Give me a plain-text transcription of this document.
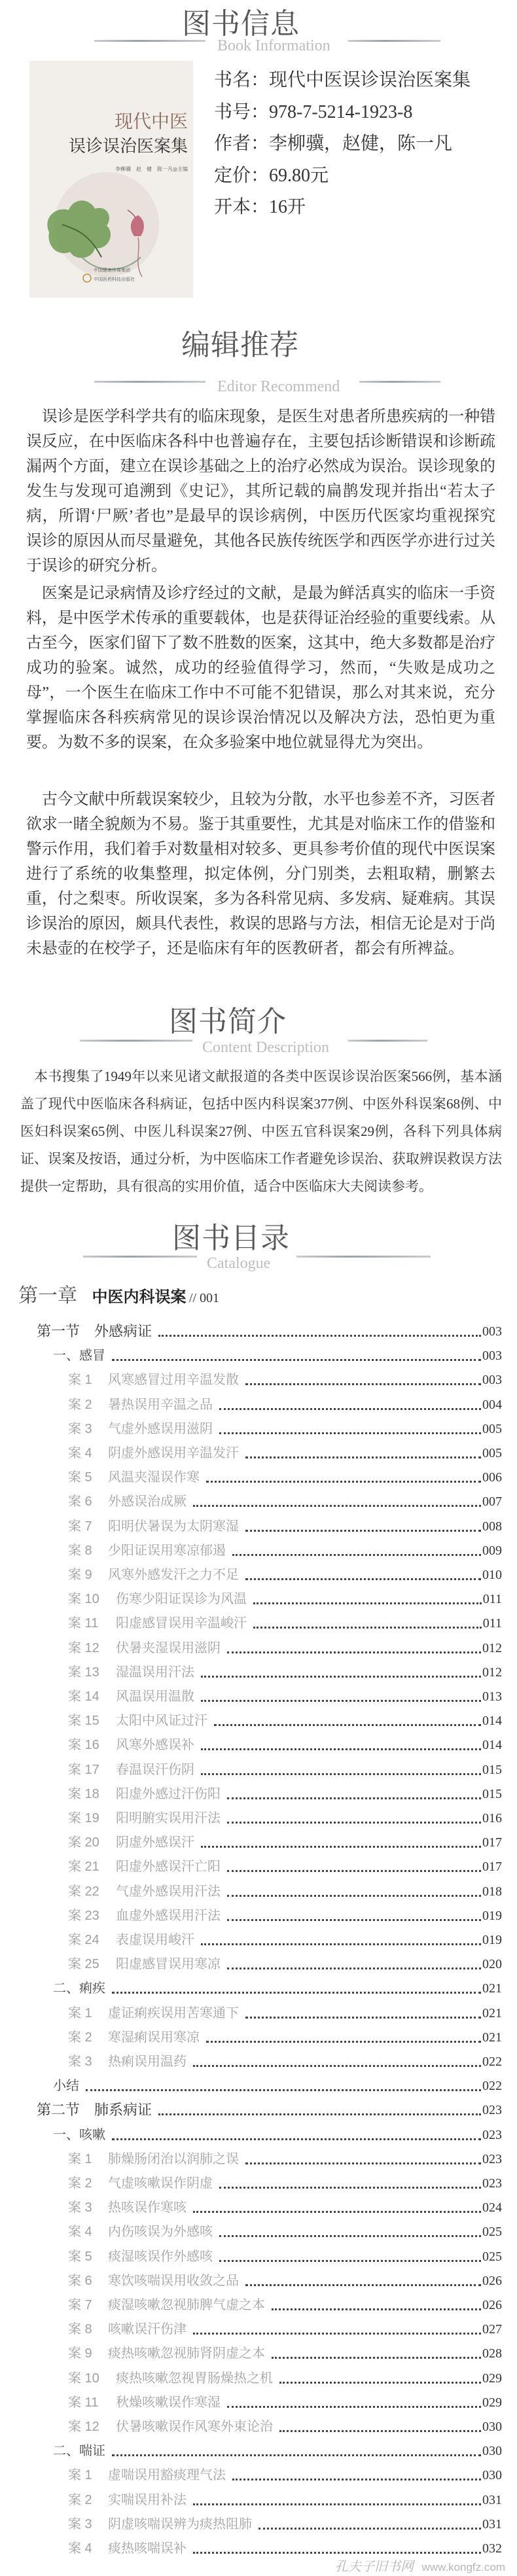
图书信息
Book Information
现代中医
误诊误治医案集
李柳骥　赵　健　陈一凡◎主编
中国健康传媒集团
中国医药科技出版社
书名：现代中医误诊误治医案集
书号：978-7-5214-1923-8
作者：李柳骥，赵健，陈一凡
定价：69.80元
开本：16开
编辑推荐
Editor Recommend

误诊是医学科学共有的临床现象，是医生对患者所患疾病的一种错误反应，在中医临床各科中也普遍存在，主要包括诊断错误和诊断疏漏两个方面，建立在误诊基础之上的治疗必然成为误治。误诊现象的发生与发现可追溯到《史记》，其所记载的扁鹊发现并指出“若太子病，所谓‘尸厥’者也”是最早的误诊病例，中医历代医家均重视探究误诊的原因从而尽量避免，其他各民族传统医学和西医学亦进行过关于误诊的研究分析。

医案是记录病情及诊疗经过的文献，是最为鲜活真实的临床一手资料，是中医学术传承的重要载体，也是获得证治经验的重要线索。从古至今，医家们留下了数不胜数的医案，这其中，绝大多数都是治疗成功的验案。诚然，成功的经验值得学习，然而，“失败是成功之母”，一个医生在临床工作中不可能不犯错误，那么对其来说，充分掌握临床各科疾病常见的误诊误治情况以及解决方法，恐怕更为重要。为数不多的误案，在众多验案中地位就显得尤为突出。

古今文献中所载误案较少，且较为分散，水平也参差不齐，习医者欲求一睹全貌颇为不易。鉴于其重要性，尤其是对临床工作的借鉴和警示作用，我们着手对数量相对较多、更具参考价值的现代中医误案进行了系统的收集整理，拟定体例，分门别类，去粗取精，删繁去重，付之梨枣。所收误案，多为各科常见病、多发病、疑难病。其误诊误治的原因，颇具代表性，救误的思路与方法，相信无论是对于尚未悬壶的在校学子，还是临床有年的医教研者，都会有所裨益。

图书简介
Content Description

本书搜集了1949年以来见诸文献报道的各类中医误诊误治医案566例，基本涵盖了现代中医临床各科病证，包括中医内科误案377例、中医外科误案68例、中医妇科误案65例、中医儿科误案27例、中医五官科误案29例，各科下列具体病证、误案及按语，通过分析，为中医临床工作者避免诊误治、获取辨误救误方法提供一定帮助，具有很高的实用价值，适合中医临床大夫阅读参考。

图书目录
Catalogue
第一章 中医内科误案 // 001
第一节　外感病证	003
一、感冒	003
案 1 风寒感冒过用辛温发散	003
案 2 暑热误用辛温之品	004
案 3 气虚外感误用滋阴	005
案 4 阴虚外感误用辛温发汗	005
案 5 风温夹湿误作寒	006
案 6 外感误治成厥	007
案 7 阳明伏暑误为太阴寒湿	008
案 8 少阳证误用寒凉郁遏	009
案 9 风寒外感发汗之力不足	010
案 10 伤寒少阳证误诊为风温	011
案 11 阳虚感冒误用辛温峻汗	011
案 12 伏暑夹湿误用滋阴	012
案 13 湿温误用汗法	012
案 14 风温误用温散	013
案 15 太阳中风证过汗	014
案 16 风寒外感误补	014
案 17 春温误汗伤阴	015
案 18 阳虚外感过汗伤阳	015
案 19 阳明腑实误用汗法	016
案 20 阴虚外感误汗	017
案 21 阳虚外感误汗亡阳	017
案 22 气虚外感误用汗法	018
案 23 血虚外感误用汗法	019
案 24 表虚误用峻汗	019
案 25 阳虚感冒误用寒凉	020
二、痢疾	021
案 1 虚证痢疾误用苦寒通下	021
案 2 寒湿痢误用寒凉	021
案 3 热痢误用温药	022
小结	022
第二节　肺系病证	023
一、咳嗽	023
案 1 肺燥肠闭治以润肺之误	023
案 2 气虚咳嗽误作阴虚	023
案 3 热咳误作寒咳	024
案 4 内伤咳误为外感咳	025
案 5 痰湿咳误作外感咳	025
案 6 寒饮咳喘误用收敛之品	026
案 7 痰湿咳嗽忽视肺脾气虚之本	026
案 8 咳嗽误汗伤津	027
案 9 痰热咳嗽忽视肺肾阴虚之本	028
案 10 痰热咳嗽忽视胃肠燥热之机	029
案 11 秋燥咳嗽误作寒湿	029
案 12 伏暑咳嗽误作风寒外束论治	030
二、喘证	030
案 1 虚喘误用豁痰理气法	030
案 2 实喘误用补法	031
案 3 阴虚咳喘误辨为痰热阻肺	031
案 4 痰热咳喘误补	032
孔夫子旧书网 www.kongfz.com
